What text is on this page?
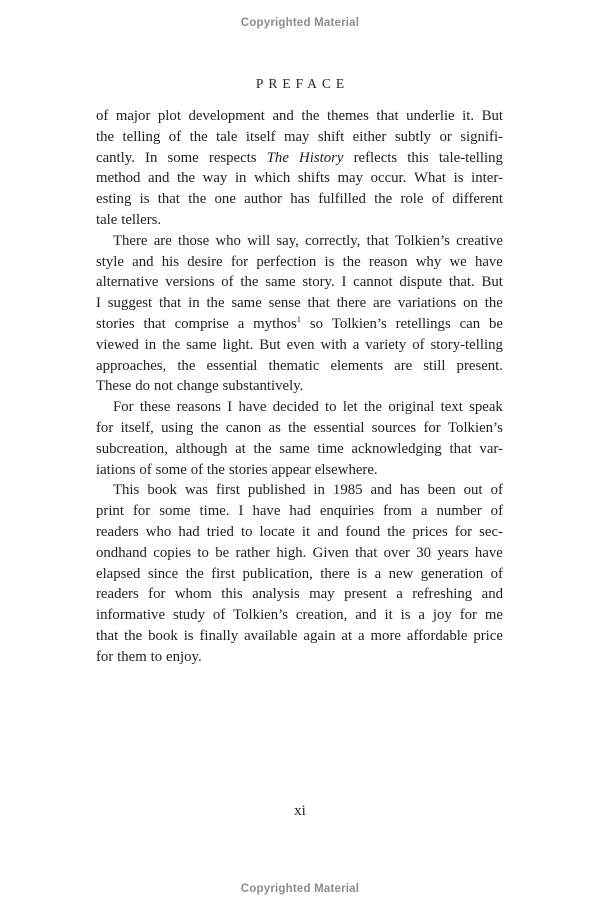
Copyrighted Material
PREFACE
of major plot development and the themes that underlie it. But
the telling of the tale itself may shift either subtly or signifi-
cantly. In some respects The History reflects this tale-telling
method and the way in which shifts may occur. What is inter-
esting is that the one author has fulfilled the role of different
tale tellers.
There are those who will say, correctly, that Tolkien’s creative
style and his desire for perfection is the reason why we have
alternative versions of the same story. I cannot dispute that. But
I suggest that in the same sense that there are variations on the
stories that comprise a mythos$^1$ so Tolkien’s retellings can be
viewed in the same light. But even with a variety of story-telling
approaches, the essential thematic elements are still present.
These do not change substantively.
For these reasons I have decided to let the original text speak
for itself, using the canon as the essential sources for Tolkien’s
subcreation, although at the same time acknowledging that var-
iations of some of the stories appear elsewhere.
This book was first published in 1985 and has been out of
print for some time. I have had enquiries from a number of
readers who had tried to locate it and found the prices for sec-
ondhand copies to be rather high. Given that over 30 years have
elapsed since the first publication, there is a new generation of
readers for whom this analysis may present a refreshing and
informative study of Tolkien’s creation, and it is a joy for me
that the book is finally available again at a more affordable price
for them to enjoy.
xi
Copyrighted Material
